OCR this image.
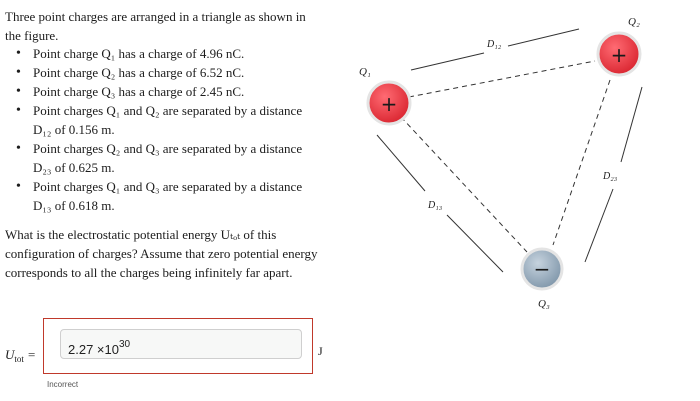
Three point charges are arranged in a triangle as shown in the figure.

• Point charge Q₁ has a charge of 4.96 nC.
• Point charge Q₂ has a charge of 6.52 nC.
• Point charge Q₃ has a charge of 2.45 nC.
• Point charges Q₁ and Q₂ are separated by a distance D₁₂ of 0.156 m.
• Point charges Q₂ and Q₃ are separated by a distance D₂₃ of 0.625 m.
• Point charges Q₁ and Q₃ are separated by a distance D₁₃ of 0.618 m.

What is the electrostatic potential energy Uₜₒₜ of this configuration of charges? Assume that zero potential energy corresponds to all the charges being infinitely far apart.

$U_{tot} = 2.27 \times 10^{30}$	J
Incorrect
+
+
−
Q₁
Q₂
Q₃
D₁₂
D₂₃
D₁₃
